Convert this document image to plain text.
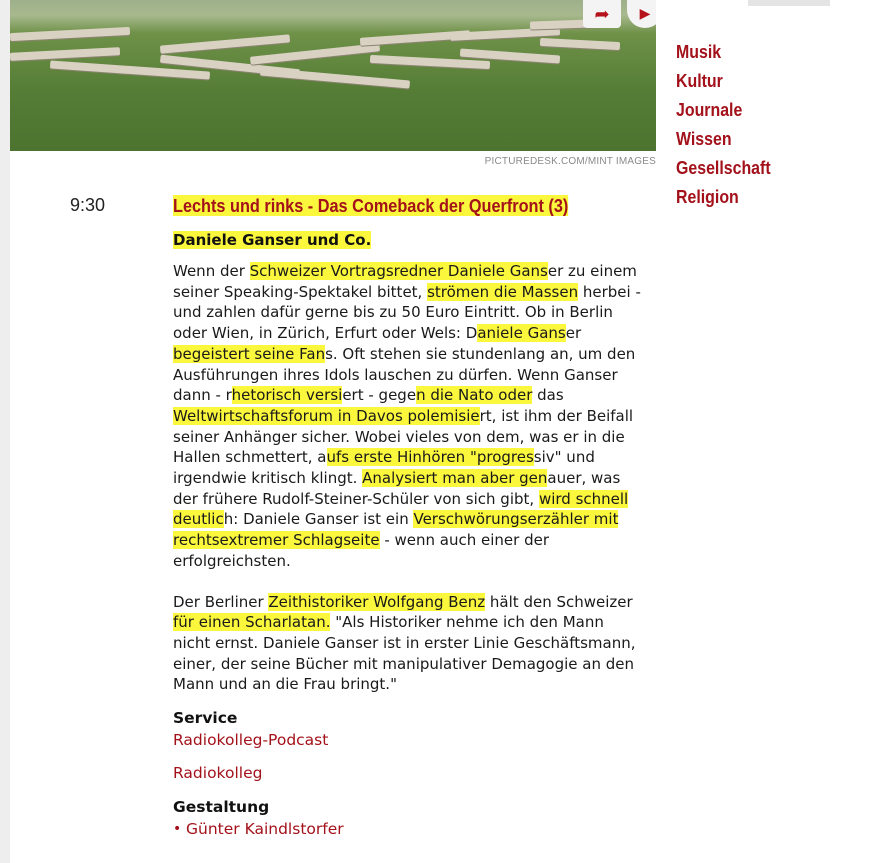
➦ ▶
PICTUREDESK.COM/MINT IMAGES
Musik
Kultur
Journale
Wissen
Gesellschaft
Religion
9:30	Lechts und rinks - Das Comeback der Querfront (3)
Daniele Ganser und Co.

Wenn der Schweizer Vortragsredner Daniele Ganser zu einem seiner Speaking-Spektakel bittet, strömen die Massen herbei - und zahlen dafür gerne bis zu 50 Euro Eintritt. Ob in Berlin oder Wien, in Zürich, Erfurt oder Wels: Daniele Ganser begeistert seine Fans. Oft stehen sie stundenlang an, um den Ausführungen ihres Idols lauschen zu dürfen. Wenn Ganser dann - rhetorisch versiert - gegen die Nato oder das Weltwirtschaftsforum in Davos polemisiert, ist ihm der Beifall seiner Anhänger sicher. Wobei vieles von dem, was er in die Hallen schmettert, aufs erste Hinhören "progressiv" und irgendwie kritisch klingt. Analysiert man aber genauer, was der frühere Rudolf-Steiner-Schüler von sich gibt, wird schnell deutlich: Daniele Ganser ist ein Verschwörungserzähler mit rechtsextremer Schlagseite - wenn auch einer der erfolgreichsten.

Der Berliner Zeithistoriker Wolfgang Benz hält den Schweizer für einen Scharlatan. "Als Historiker nehme ich den Mann nicht ernst. Daniele Ganser ist in erster Linie Geschäftsmann, einer, der seine Bücher mit manipulativer Demagogie an den Mann und an die Frau bringt."

Service
Radiokolleg-Podcast
Radiokolleg
Gestaltung
• Günter Kaindlstorfer
